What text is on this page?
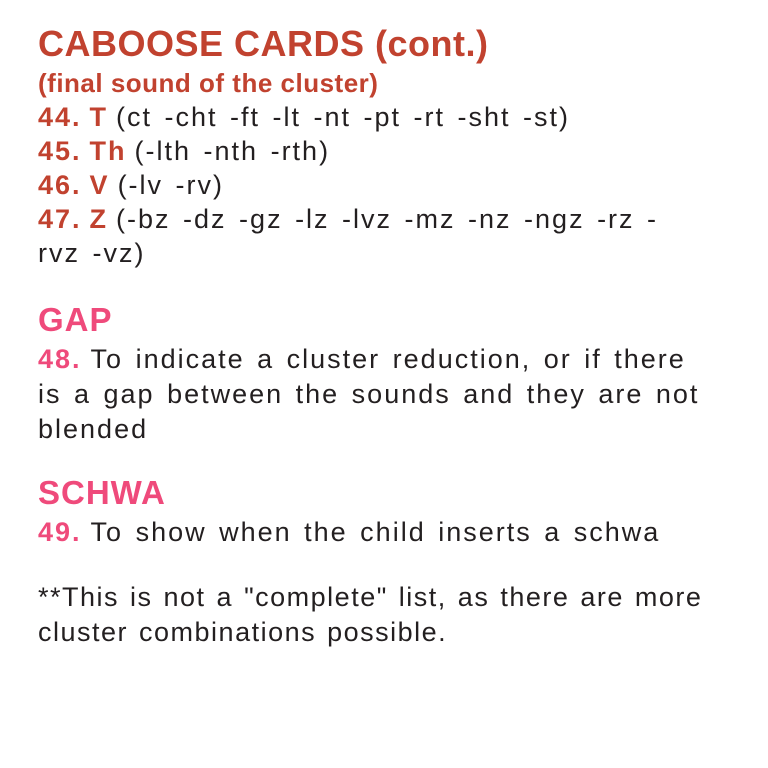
CABOOSE CARDS (cont.)
(final sound of the cluster)
44. T (ct -cht -ft -lt -nt -pt -rt -sht -st)
45. Th (-lth -nth -rth)
46. V (-lv -rv)
47. Z (-bz -dz -gz -lz -lvz -mz -nz -ngz -rz -rvz -vz)
GAP

48. To indicate a cluster reduction, or if there is a gap between the sounds and they are not blended

SCHWA

49. To show when the child inserts a schwa

**This is not a "complete" list, as there are more cluster combinations possible.
